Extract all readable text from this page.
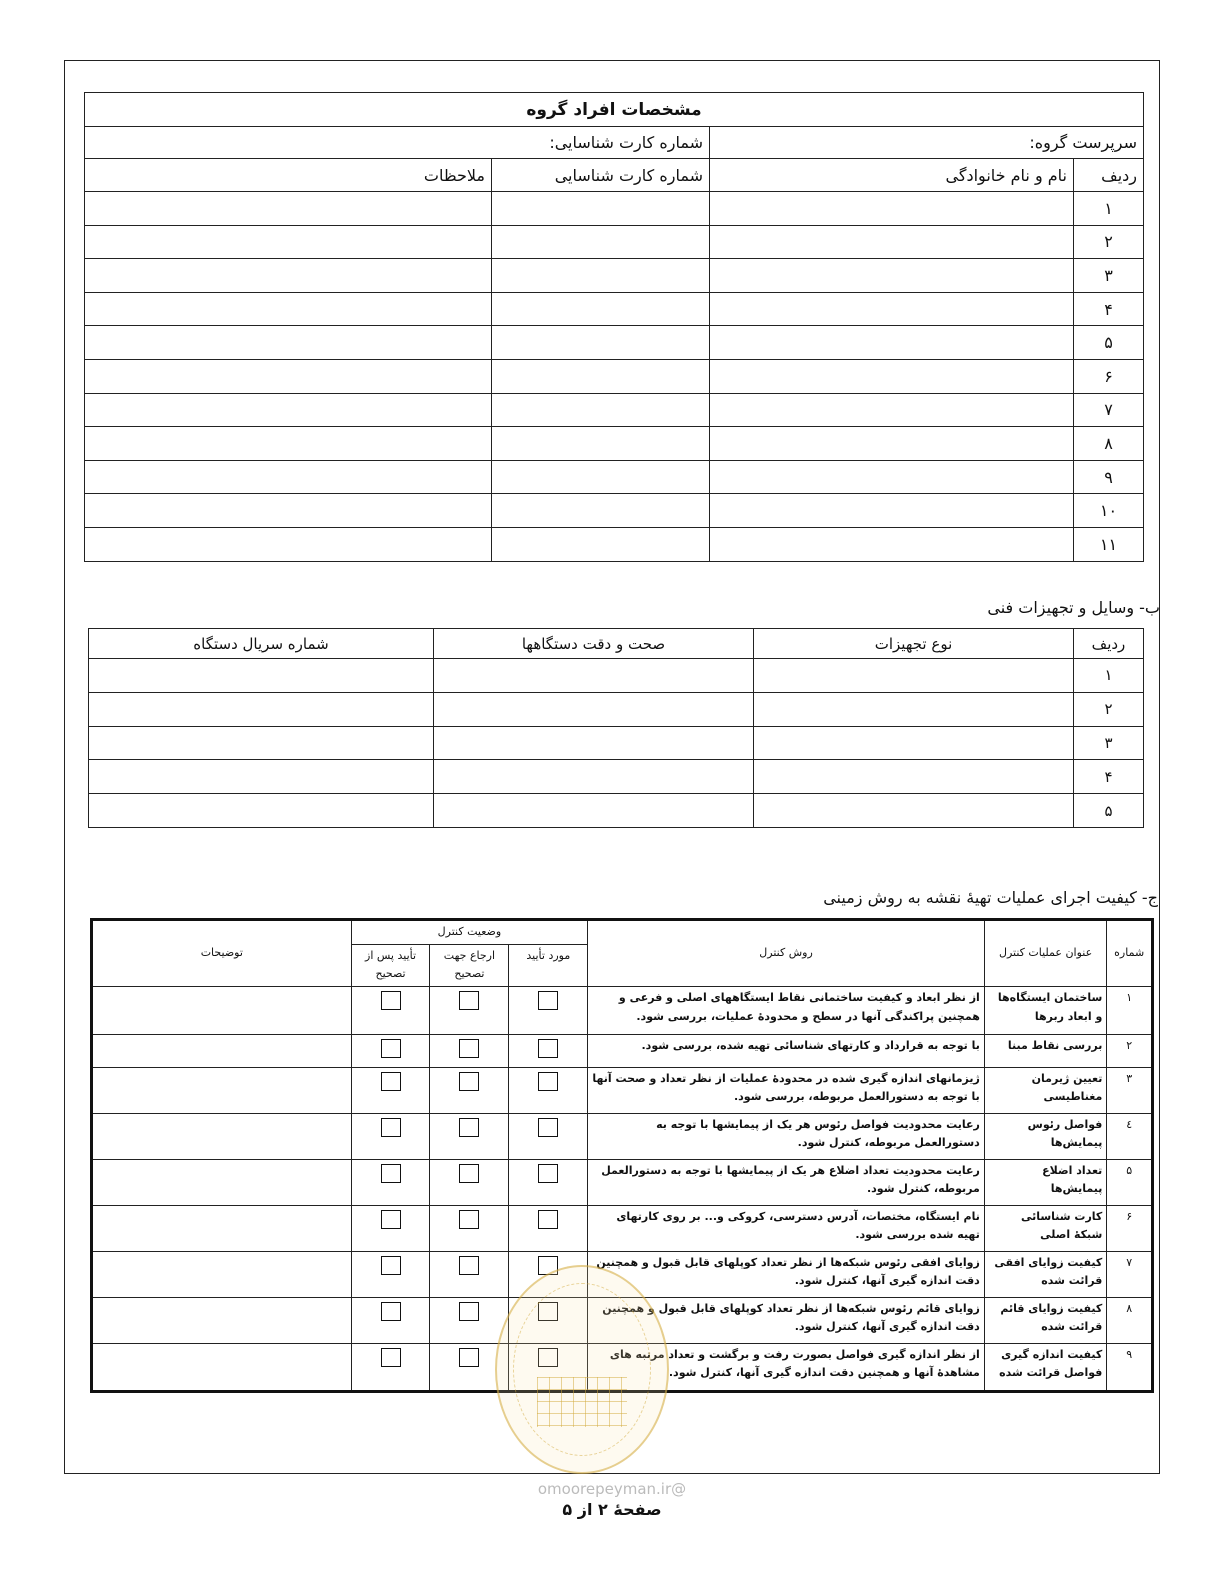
مشخصات افراد گروه			
سرپرست گروه:		شماره کارت شناسایی:	
ردیف	نام و نام خانوادگی	شماره کارت شناسایی	ملاحظات
۱			
۲			
۳			
۴			
۵			
۶			
۷			
۸			
۹			
۱۰			
۱۱			
ب- وسایل و تجهیزات فنی
ردیف	نوع تجهیزات	صحت و دقت دستگاهها	شماره سریال دستگاه
۱			
۲			
۳			
۴			
۵			
ج- کیفیت اجرای عملیات تهیهٔ نقشه به روش زمینی
شماره	عنوان عملیات کنترل	روش کنترل	وضعیت کنترل			توضیحات
			مورد تأیید	ارجاع جهت تصحیح	تأیید پس از تصحیح	
۱	ساختمان ایستگاه‌ها و ابعاد ربرها	از نظر ابعاد و کیفیت ساختمانی نقاط ایستگاههای اصلی و فرعی و همچنین پراکندگی آنها در سطح و محدودهٔ عملیات، بررسی شود.				
۲	بررسی نقاط مبنا	با توجه به قرارداد و کارتهای شناسائی تهیه شده، بررسی شود.				
۳	تعیین ژیرمان مغناطیسی	ژیزمانهای اندازه گیری شده در محدودهٔ عملیات از نظر تعداد و صحت آنها با توجه به دستورالعمل مربوطه، بررسی شود.				
٤	فواصل رئوس پیمایش‌ها	رعایت محدودیت فواصل رئوس هر یک از پیمایشها با توجه به دستورالعمل مربوطه، کنترل شود.				
۵	تعداد اضلاع پیمایش‌ها	رعایت محدودیت تعداد اضلاع هر یک از پیمایشها با توجه به دستورالعمل مربوطه، کنترل شود.				
۶	کارت شناسائی شبکهٔ اصلی	نام ایستگاه، مختصات، آدرس دسترسی، کروکی و... بر روی کارتهای تهیه شده بررسی شود.				
۷	کیفیت زوایای افقی قرائت شده	زوایای افقی رئوس شبکه‌ها از نظر تعداد کوپلهای قابل قبول و همچنین دقت اندازه گیری آنها، کنترل شود.				
۸	کیفیت زوایای قائم قرائت شده	زوایای قائم رئوس شبکه‌ها از نظر تعداد کوپلهای قابل قبول و همچنین دقت اندازه گیری آنها، کنترل شود.				
۹	کیفیت اندازه گیری فواصل قرائت شده	از نظر اندازه گیری فواصل بصورت رفت و برگشت و تعداد مرتبه های مشاهدهٔ آنها و همچنین دقت اندازه گیری آنها، کنترل شود.				
@omoorepeyman.ir
صفحهٔ ۲ از ۵
